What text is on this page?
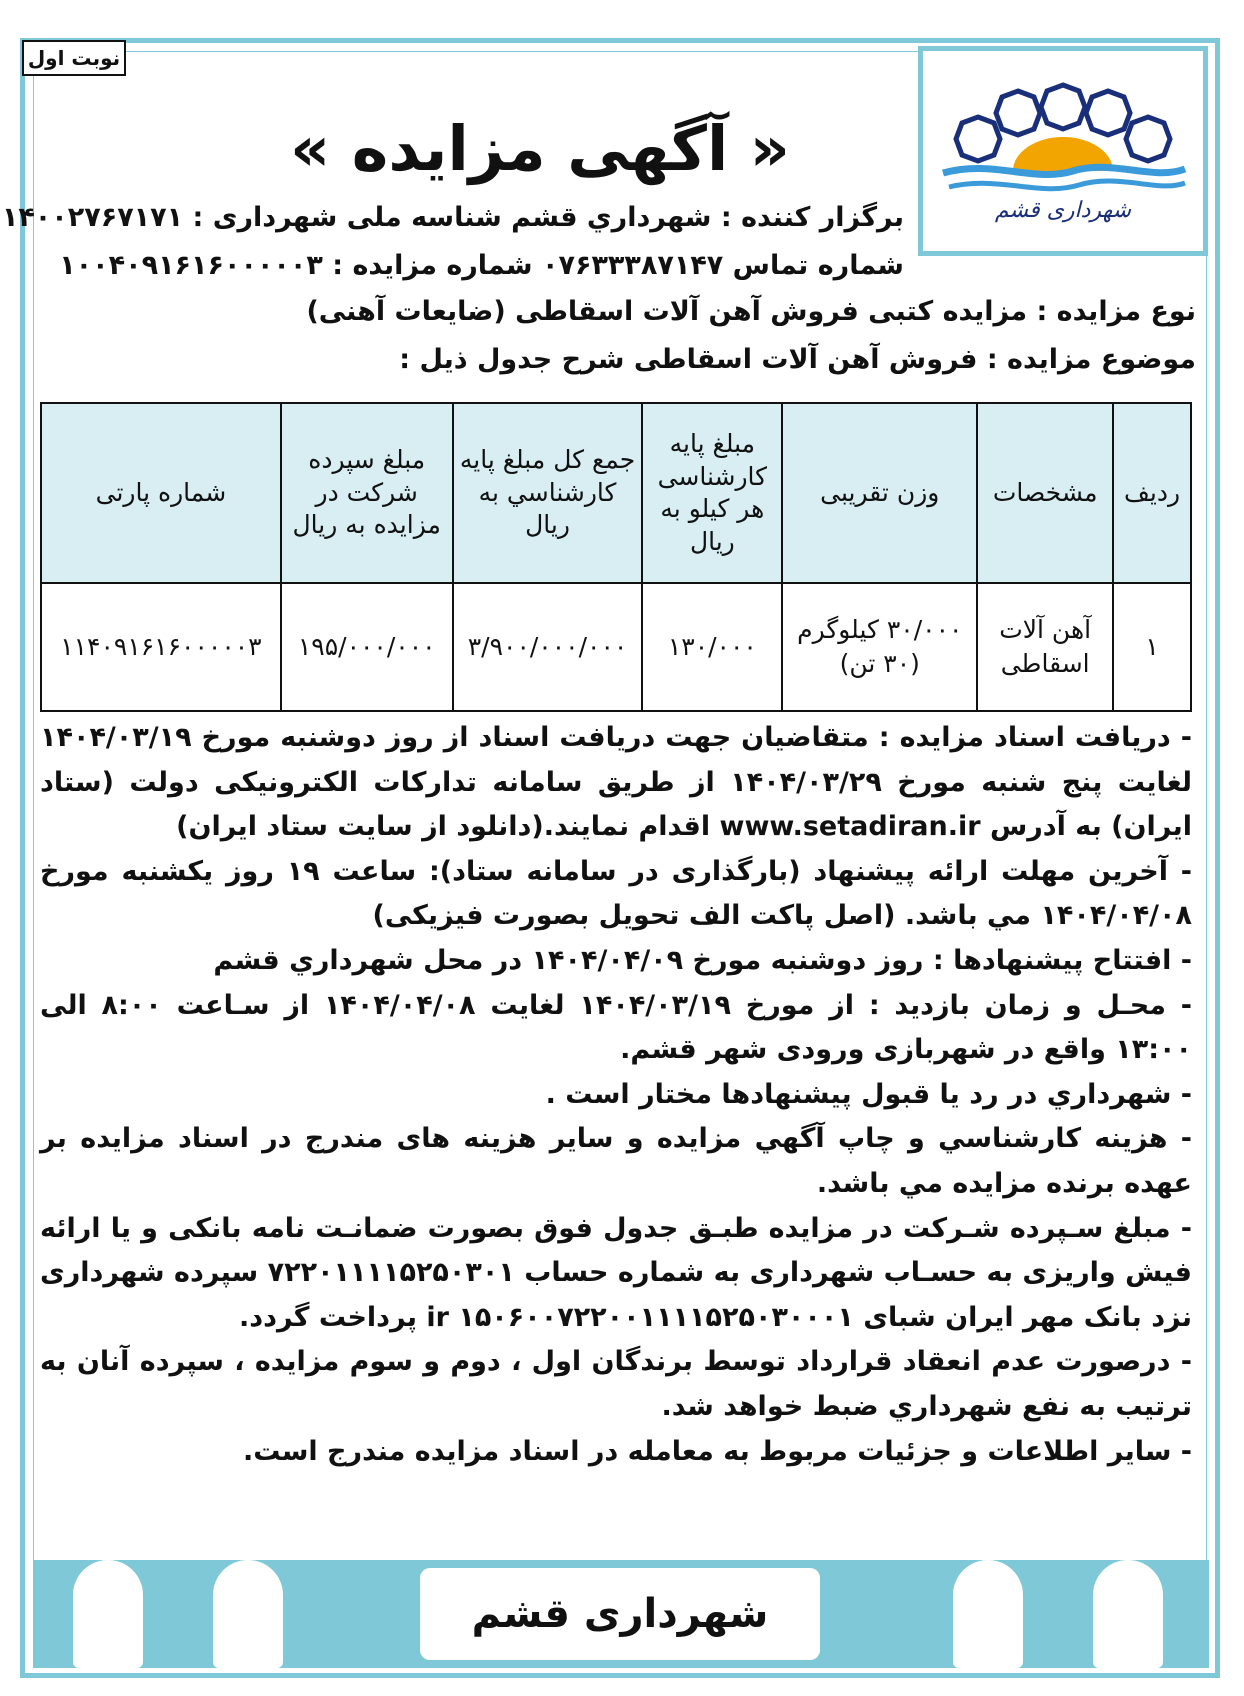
نوبت اول
شهرداری قشم
« آگهی مزایده »
برگزار کننده : شهرداري قشم شناسه ملی شهرداری : ۱۴۰۰۲۷۶۷۱۷۱
شماره تماس ۰۷۶۳۳۳۸۷۱۴۷ شماره مزایده : ۱۰۰۴۰۹۱۶۱۶۰۰۰۰۰۳
نوع مزایده : مزایده کتبی فروش آهن آلات اسقاطی (ضایعات آهنی)
موضوع مزایده : فروش آهن آلات اسقاطی شرح جدول ذیل :
ردیف	مشخصات	وزن تقریبی	مبلغ پایه کارشناسی هر کیلو به ریال	جمع کل مبلغ پایه کارشناسي به ریال	مبلغ سپرده شرکت در مزایده به ریال	شماره پارتی
۱	آهن آلات اسقاطی	۳۰/۰۰۰ کیلوگرم (۳۰ تن)	۱۳۰/۰۰۰	۳/۹۰۰/۰۰۰/۰۰۰	۱۹۵/۰۰۰/۰۰۰	۱۱۴۰۹۱۶۱۶۰۰۰۰۰۳

- دریافت اسناد مزایده : متقاضیان جهت دریافت اسناد از روز دوشنبه مورخ ۱۴۰۴/۰۳/۱۹ لغایت پنج شنبه مورخ ۱۴۰۴/۰۳/۲۹ از طریق سامانه تدارکات الکترونیکی دولت (ستاد ایران) به آدرس www.setadiran.ir اقدام نمایند.(دانلود از سایت ستاد ایران)

- آخرین مهلت ارائه پیشنهاد (بارگذاری در سامانه ستاد): ساعت ۱۹ روز یکشنبه مورخ ۱۴۰۴/۰۴/۰۸ مي باشد. (اصل پاکت الف تحویل بصورت فیزیکی)

- افتتاح پیشنهادها : روز دوشنبه مورخ ۱۴۰۴/۰۴/۰۹ در محل شهرداري قشم

- محـل و زمان بازدید : از مورخ ۱۴۰۴/۰۳/۱۹ لغایت ۱۴۰۴/۰۴/۰۸ از سـاعت ۸:۰۰ الی ۱۳:۰۰ واقع در شهربازی ورودی شهر قشم.

- شهرداري در رد یا قبول پیشنهادها مختار است .

- هزینه کارشناسي و چاپ آگهي مزایده و سایر هزینه های مندرج در اسناد مزایده بر عهده برنده مزایده مي باشد.

- مبلغ سـپرده شـرکت در مزایده طبـق جدول فوق بصورت ضمانـت نامه بانکی و یا ارائه فیش واریزی به حسـاب شهرداری به شماره حساب ۷۲۲۰۱۱۱۱۵۲۵۰۳۰۱ سپرده شهرداری نزد بانک مهر ایران شبای ir ۱۵۰۶۰۰۷۲۲۰۰۱۱۱۱۵۲۵۰۳۰۰۰۱ پرداخت گردد.

- درصورت عدم انعقاد قرارداد توسط برندگان اول ، دوم و سوم مزایده ، سپرده آنان به ترتیب به نفع شهرداري ضبط خواهد شد.

- سایر اطلاعات و جزئیات مربوط به معامله در اسناد مزایده مندرج است.

شهرداری قشم
